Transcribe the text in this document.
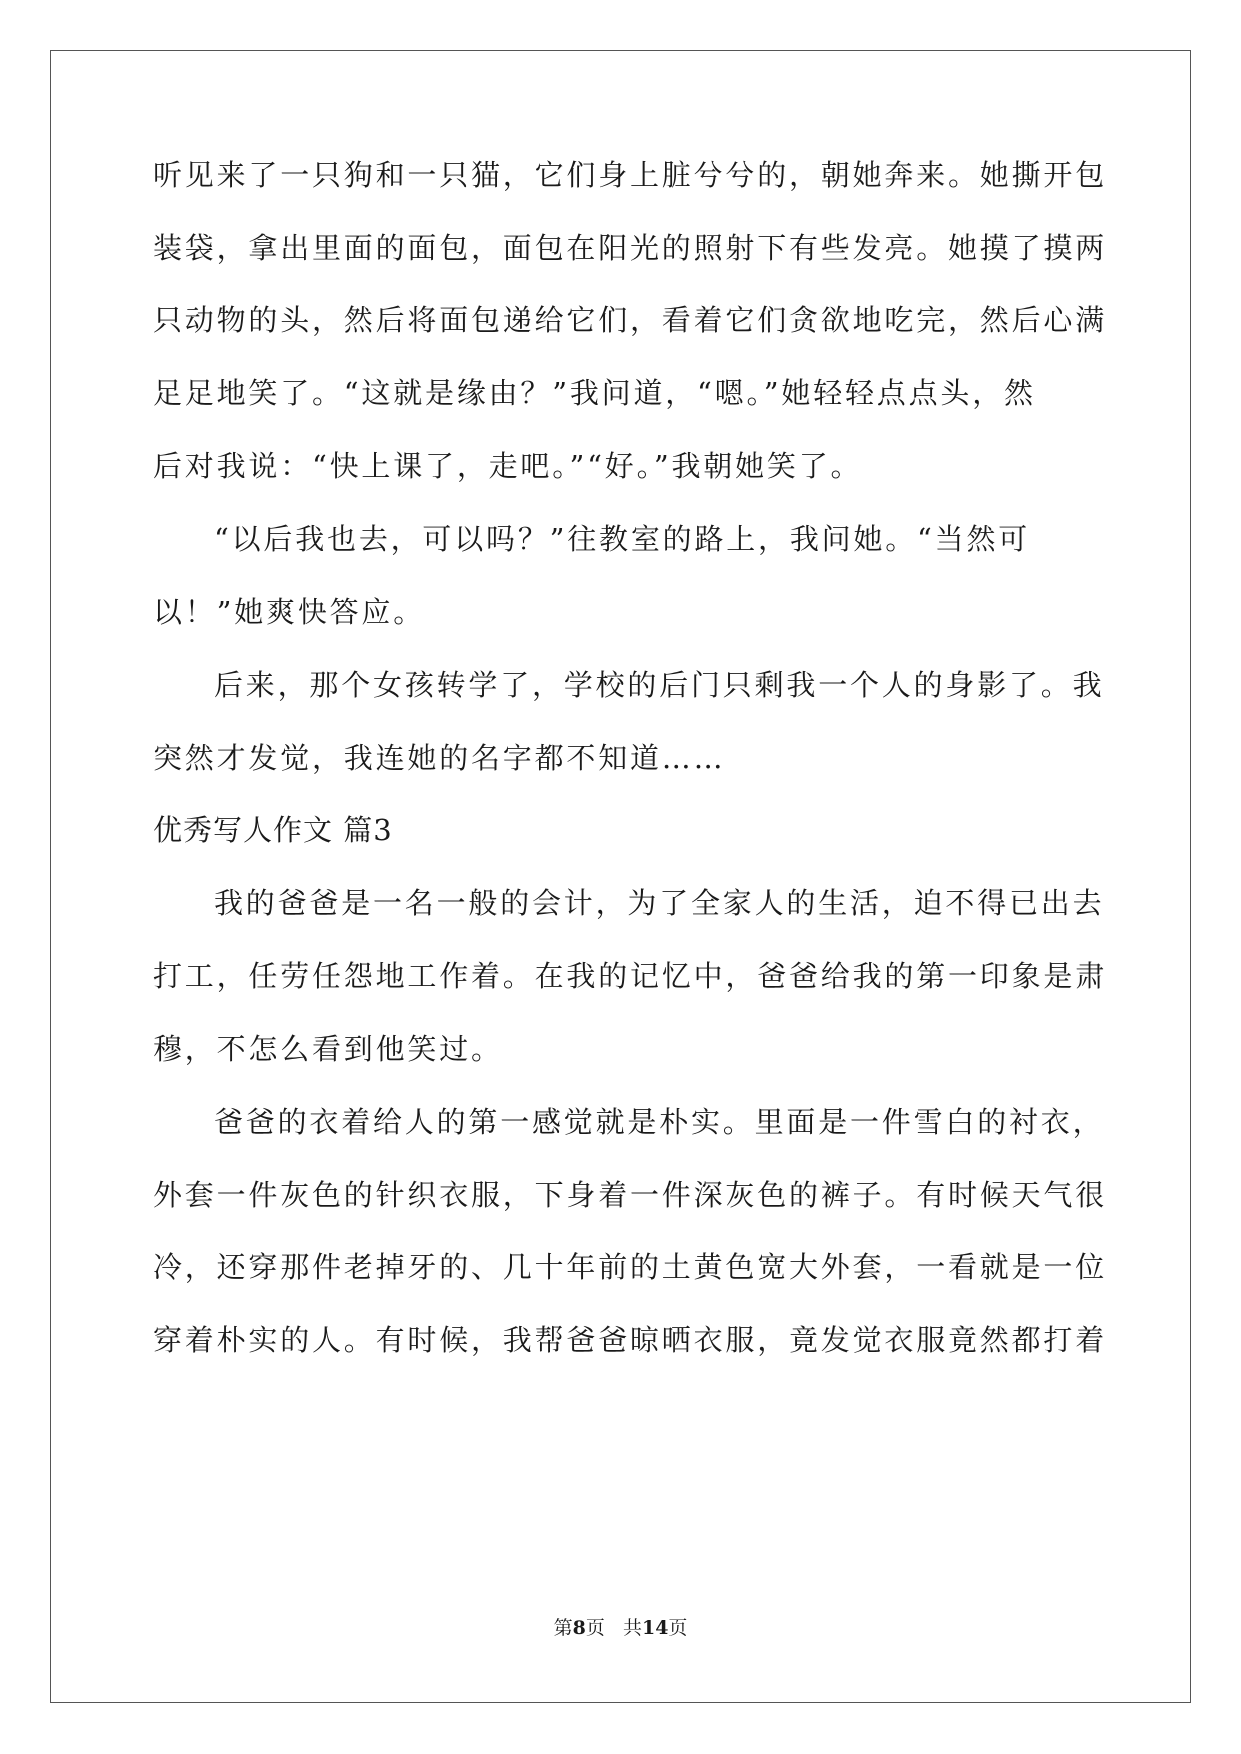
听见来了一只狗和一只猫，它们身上脏兮兮的，朝她奔来。她撕开包
装袋，拿出里面的面包，面包在阳光的照射下有些发亮。她摸了摸两
只动物的头，然后将面包递给它们，看着它们贪欲地吃完，然后心满
足足地笑了。“这就是缘由？”我问道，“嗯。”她轻轻点点头，然
后对我说：“快上课了，走吧。”“好。”我朝她笑了。
“以后我也去，可以吗？”往教室的路上，我问她。“当然可
以！”她爽快答应。
后来，那个女孩转学了，学校的后门只剩我一个人的身影了。我
突然才发觉，我连她的名字都不知道……
优秀写人作文 篇3
我的爸爸是一名一般的会计，为了全家人的生活，迫不得已出去
打工，任劳任怨地工作着。在我的记忆中，爸爸给我的第一印象是肃
穆，不怎么看到他笑过。
爸爸的衣着给人的第一感觉就是朴实。里面是一件雪白的衬衣，
外套一件灰色的针织衣服，下身着一件深灰色的裤子。有时候天气很
冷，还穿那件老掉牙的、几十年前的土黄色宽大外套，一看就是一位
穿着朴实的人。有时候，我帮爸爸晾晒衣服，竟发觉衣服竟然都打着
第8页 共14页
